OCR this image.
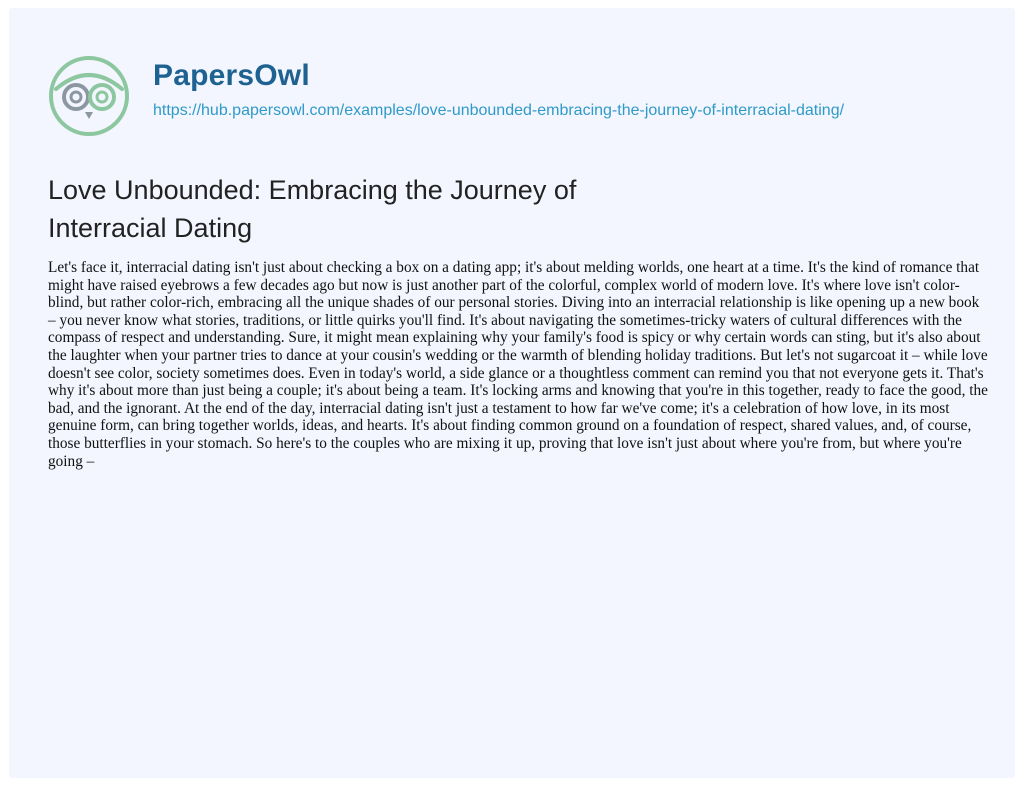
PapersOwl
https://hub.papersowl.com/examples/love-unbounded-embracing-the-journey-of-interracial-dating/
Love Unbounded: Embracing the Journey of Interracial Dating

Let's face it, interracial dating isn't just about checking a box on a dating app; it's about melding worlds, one heart at a time. It's the kind of romance that might have raised eyebrows a few decades ago but now is just another part of the colorful, complex world of modern love. It's where love isn't color-blind, but rather color-rich, embracing all the unique shades of our personal stories. Diving into an interracial relationship is like opening up a new book – you never know what stories, traditions, or little quirks you'll find. It's about navigating the sometimes-tricky waters of cultural differences with the compass of respect and understanding. Sure, it might mean explaining why your family's food is spicy or why certain words can sting, but it's also about the laughter when your partner tries to dance at your cousin's wedding or the warmth of blending holiday traditions. But let's not sugarcoat it – while love doesn't see color, society sometimes does. Even in today's world, a side glance or a thoughtless comment can remind you that not everyone gets it. That's why it's about more than just being a couple; it's about being a team. It's locking arms and knowing that you're in this together, ready to face the good, the bad, and the ignorant. At the end of the day, interracial dating isn't just a testament to how far we've come; it's a celebration of how love, in its most genuine form, can bring together worlds, ideas, and hearts. It's about finding common ground on a foundation of respect, shared values, and, of course, those butterflies in your stomach. So here's to the couples who are mixing it up, proving that love isn't just about where you're from, but where you're going –
